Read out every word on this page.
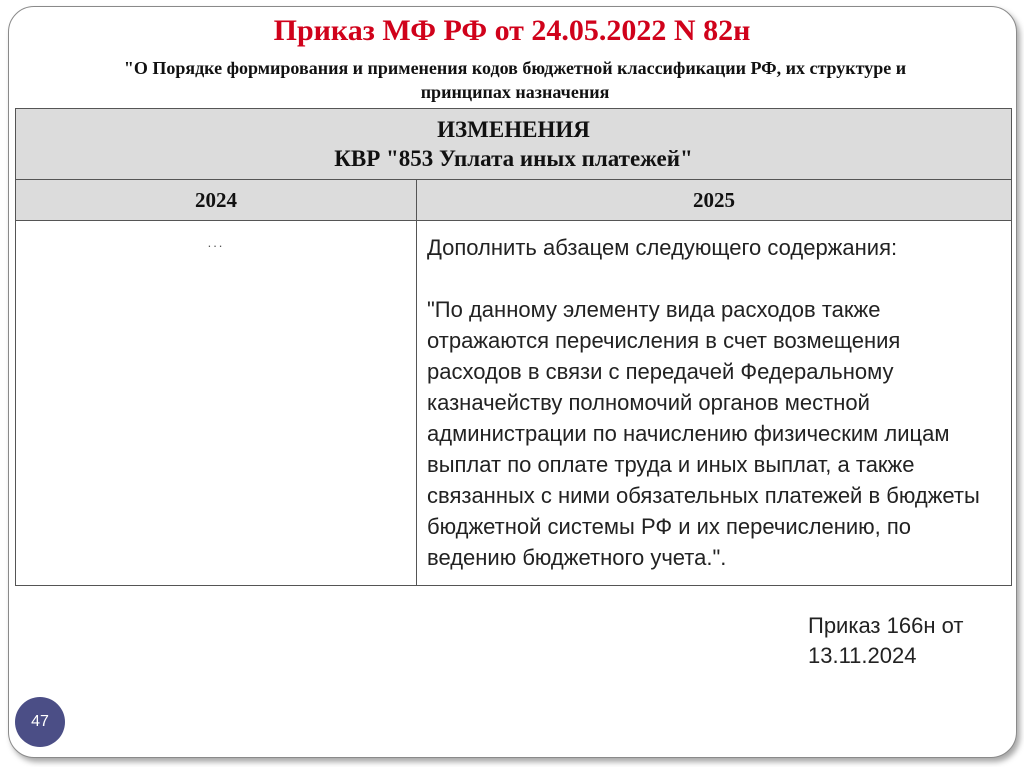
Приказ МФ РФ от 24.05.2022 N 82н
"О Порядке формирования и применения кодов бюджетной классификации РФ, их структуре и
принципах назначения
ИЗМЕНЕНИЯ
КВР "853 Уплата иных платежей"	

2024	2025
...	Дополнить абзацем следующего содержания:

"По данному элементу вида расходов также отражаются перечисления в счет возмещения расходов в связи с передачей Федеральному казначейству полномочий органов местной администрации по начислению физическим лицам выплат по оплате труда и иных выплат, а также связанных с ними обязательных платежей в бюджеты бюджетной системы РФ и их перечислению, по ведению бюджетного учета.".

Приказ 166н от
13.11.2024
47
